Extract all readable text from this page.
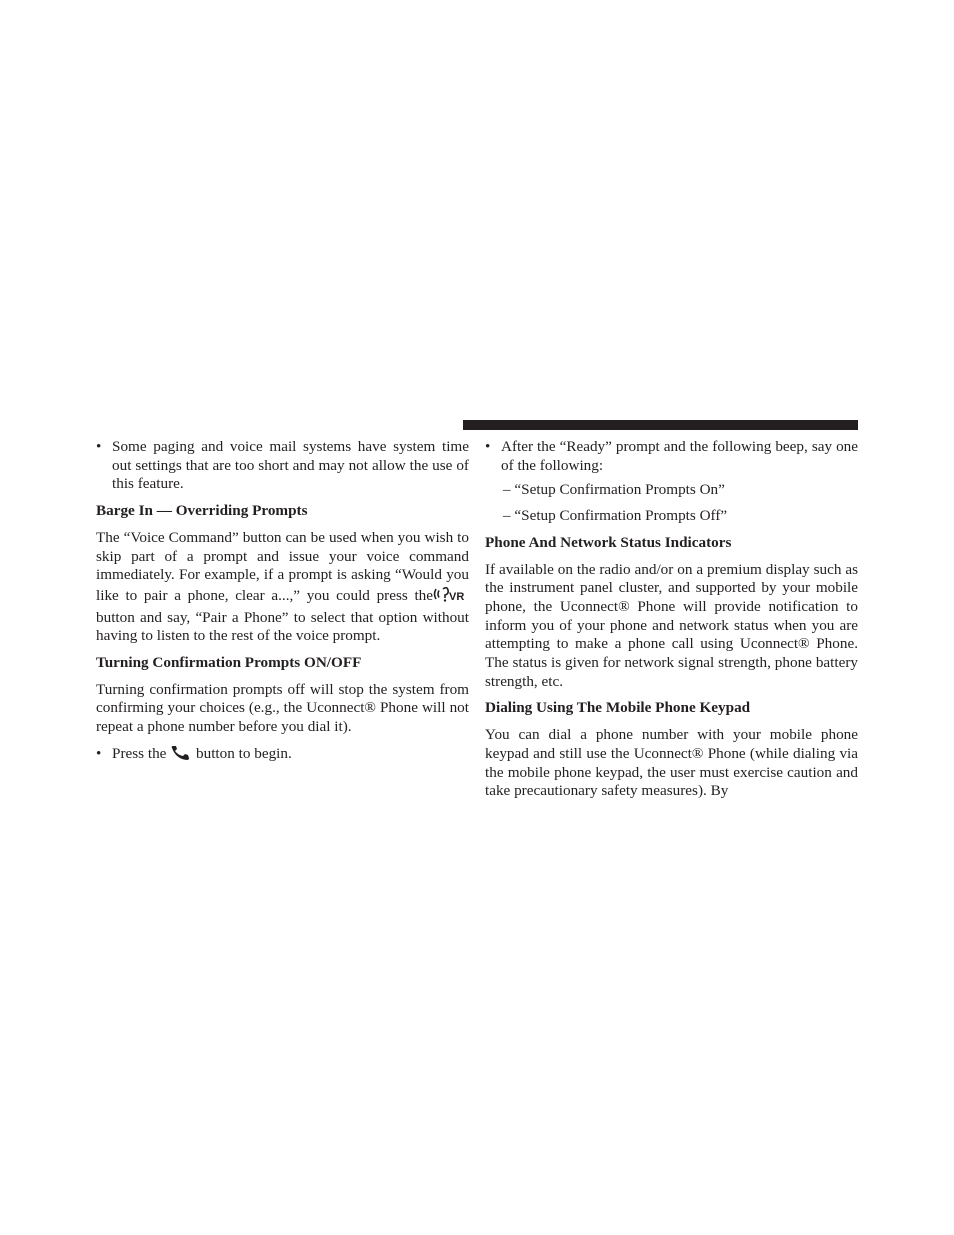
• Some paging and voice mail systems have system time out settings that are too short and may not allow the use of this feature.
Barge In — Overriding Prompts

The “Voice Command” button can be used when you wish to skip part of a prompt and issue your voice command immediately. For example, if a prompt is asking “Would you like to pair a phone, clear a...,” you could press the VR
button and say, “Pair a Phone” to select that option without having to listen to the rest of the voice prompt.

Turning Confirmation Prompts ON/OFF

Turning confirmation prompts off will stop the system from confirming your choices (e.g., the Uconnect® Phone will not repeat a phone number before you dial it).

• Press the button to begin.
• After the “Ready” prompt and the following beep, say one of the following:
– “Setup Confirmation Prompts On”
– “Setup Confirmation Prompts Off”
Phone And Network Status Indicators

If available on the radio and/or on a premium display such as the instrument panel cluster, and supported by your mobile phone, the Uconnect® Phone will provide notification to inform you of your phone and network status when you are attempting to make a phone call using Uconnect® Phone. The status is given for network signal strength, phone battery strength, etc.

Dialing Using The Mobile Phone Keypad

You can dial a phone number with your mobile phone keypad and still use the Uconnect® Phone (while dialing via the mobile phone keypad, the user must exercise caution and take precautionary safety measures). By
